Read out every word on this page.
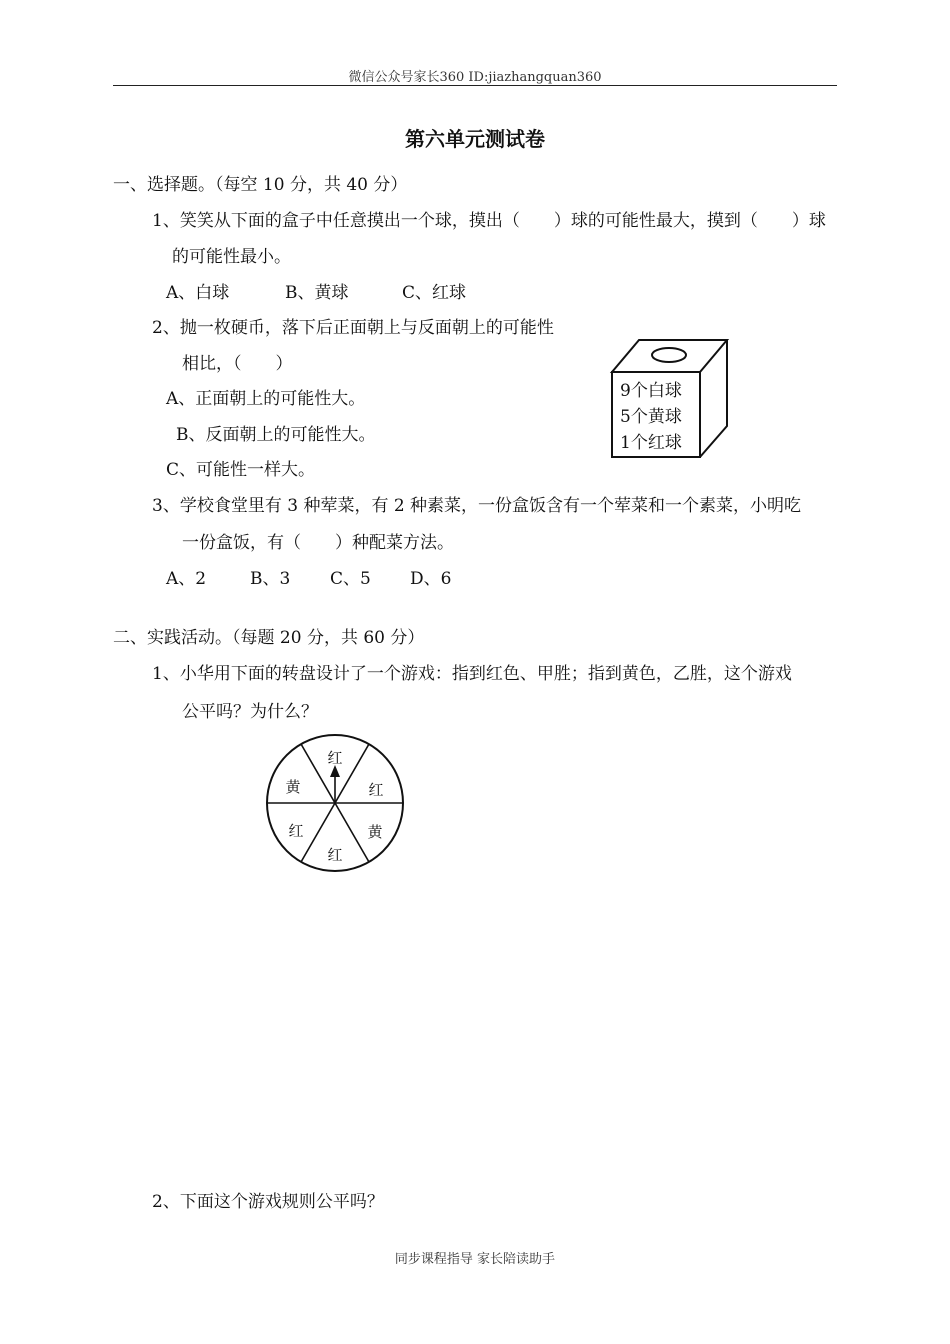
微信公众号家长360 ID:jiazhangquan360
第六单元测试卷
一、选择题。（每空 10 分，共 40 分）
1、笑笑从下面的盒子中任意摸出一个球，摸出（　　）球的可能性最大，摸到（　　）球
的可能性最小。
A、白球	B、黄球	C、红球
2、抛一枚硬币，落下后正面朝上与反面朝上的可能性
相比，（　　）
A、正面朝上的可能性大。
B、反面朝上的可能性大。
C、可能性一样大。
9个白球
5个黄球
1个红球
3、学校食堂里有 3 种荤菜，有 2 种素菜，一份盒饭含有一个荤菜和一个素菜，小明吃
一份盒饭，有（　　）种配菜方法。
A、2	B、3 C、5 D、6
二、实践活动。（每题 20 分，共 60 分）
1、小华用下面的转盘设计了一个游戏：指到红色、甲胜；指到黄色，乙胜，这个游戏
公平吗？为什么？
红
红
黄
红
红
黄
2、下面这个游戏规则公平吗？
同步课程指导 家长陪读助手
